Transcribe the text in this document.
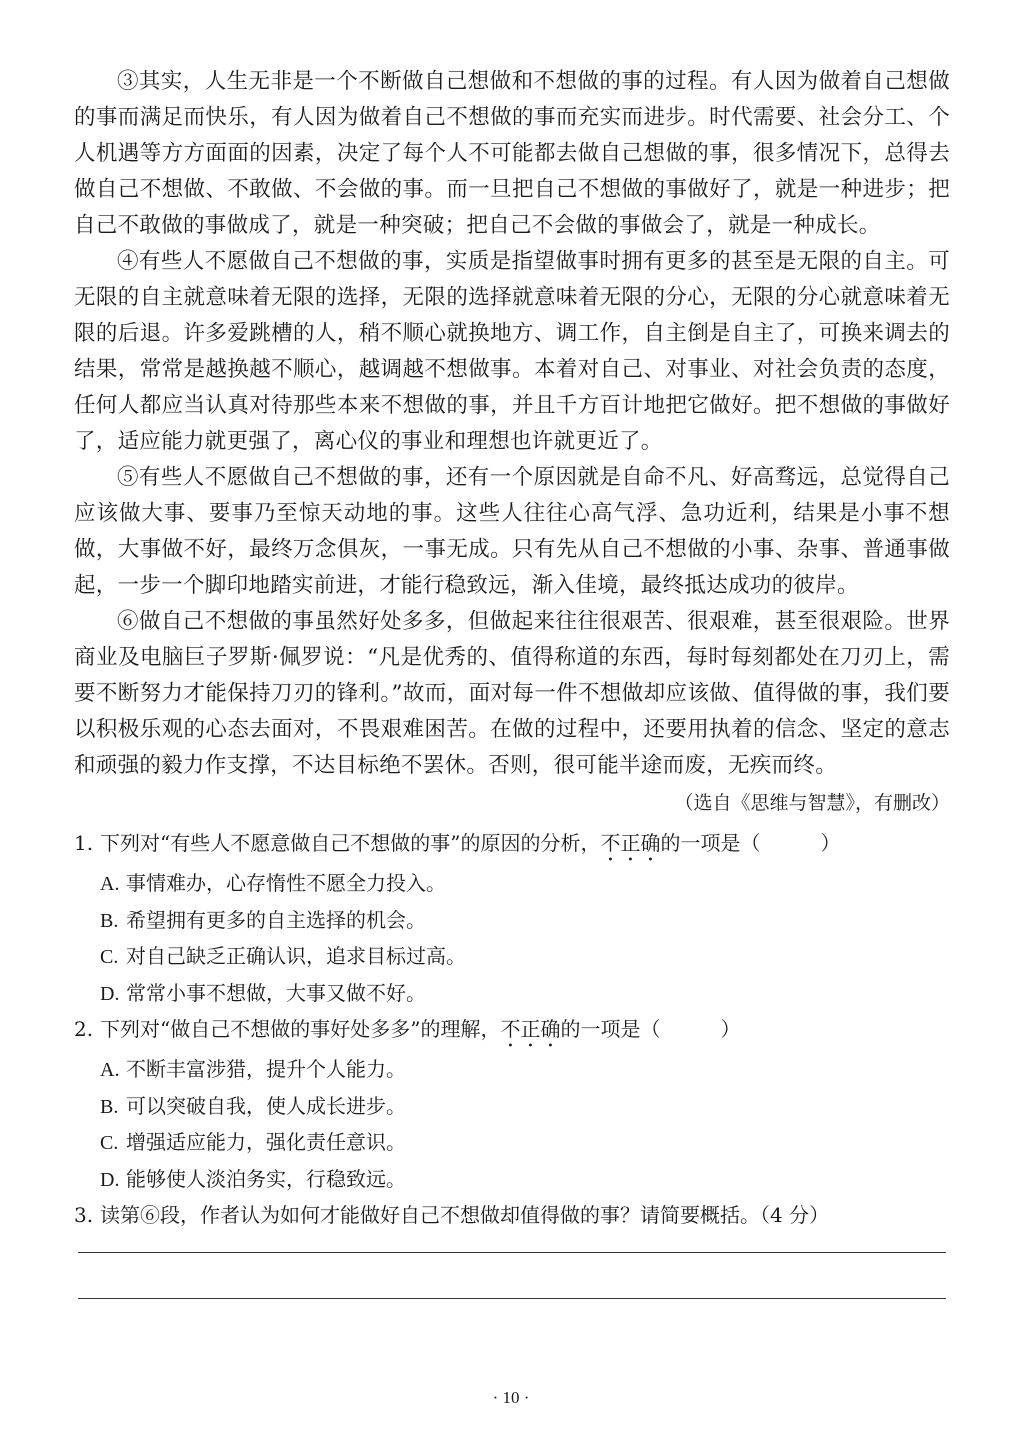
③其实，人生无非是一个不断做自己想做和不想做的事的过程。有人因为做着自己想做的事而满足而快乐，有人因为做着自己不想做的事而充实而进步。时代需要、社会分工、个人机遇等方方面面的因素，决定了每个人不可能都去做自己想做的事，很多情况下，总得去做自己不想做、不敢做、不会做的事。而一旦把自己不想做的事做好了，就是一种进步；把自己不敢做的事做成了，就是一种突破；把自己不会做的事做会了，就是一种成长。

④有些人不愿做自己不想做的事，实质是指望做事时拥有更多的甚至是无限的自主。可无限的自主就意味着无限的选择，无限的选择就意味着无限的分心，无限的分心就意味着无限的后退。许多爱跳槽的人，稍不顺心就换地方、调工作，自主倒是自主了，可换来调去的结果，常常是越换越不顺心，越调越不想做事。本着对自己、对事业、对社会负责的态度，任何人都应当认真对待那些本来不想做的事，并且千方百计地把它做好。把不想做的事做好了，适应能力就更强了，离心仪的事业和理想也许就更近了。

⑤有些人不愿做自己不想做的事，还有一个原因就是自命不凡、好高骛远，总觉得自己应该做大事、要事乃至惊天动地的事。这些人往往心高气浮、急功近利，结果是小事不想做，大事做不好，最终万念俱灰，一事无成。只有先从自己不想做的小事、杂事、普通事做起，一步一个脚印地踏实前进，才能行稳致远，渐入佳境，最终抵达成功的彼岸。

⑥做自己不想做的事虽然好处多多，但做起来往往很艰苦、很艰难，甚至很艰险。世界商业及电脑巨子罗斯·佩罗说：“凡是优秀的、值得称道的东西，每时每刻都处在刀刃上，需要不断努力才能保持刀刃的锋利。”故而，面对每一件不想做却应该做、值得做的事，我们要以积极乐观的心态去面对，不畏艰难困苦。在做的过程中，还要用执着的信念、坚定的意志和顽强的毅力作支撑，不达目标绝不罢休。否则，很可能半途而废，无疾而终。

（选自《思维与智慧》，有删改）

1. 下列对“有些人不愿意做自己不想做的事”的原因的分析，不正确的一项是（　　　）

A. 事情难办，心存惰性不愿全力投入。
B. 希望拥有更多的自主选择的机会。
C. 对自己缺乏正确认识，追求目标过高。
D. 常常小事不想做，大事又做不好。

2. 下列对“做自己不想做的事好处多多”的理解，不正确的一项是（　　　）

A. 不断丰富涉猎，提升个人能力。
B. 可以突破自我，使人成长进步。
C. 增强适应能力，强化责任意识。
D. 能够使人淡泊务实，行稳致远。

3. 读第⑥段，作者认为如何才能做好自己不想做却值得做的事？请简要概括。（4 分）

· 10 ·
